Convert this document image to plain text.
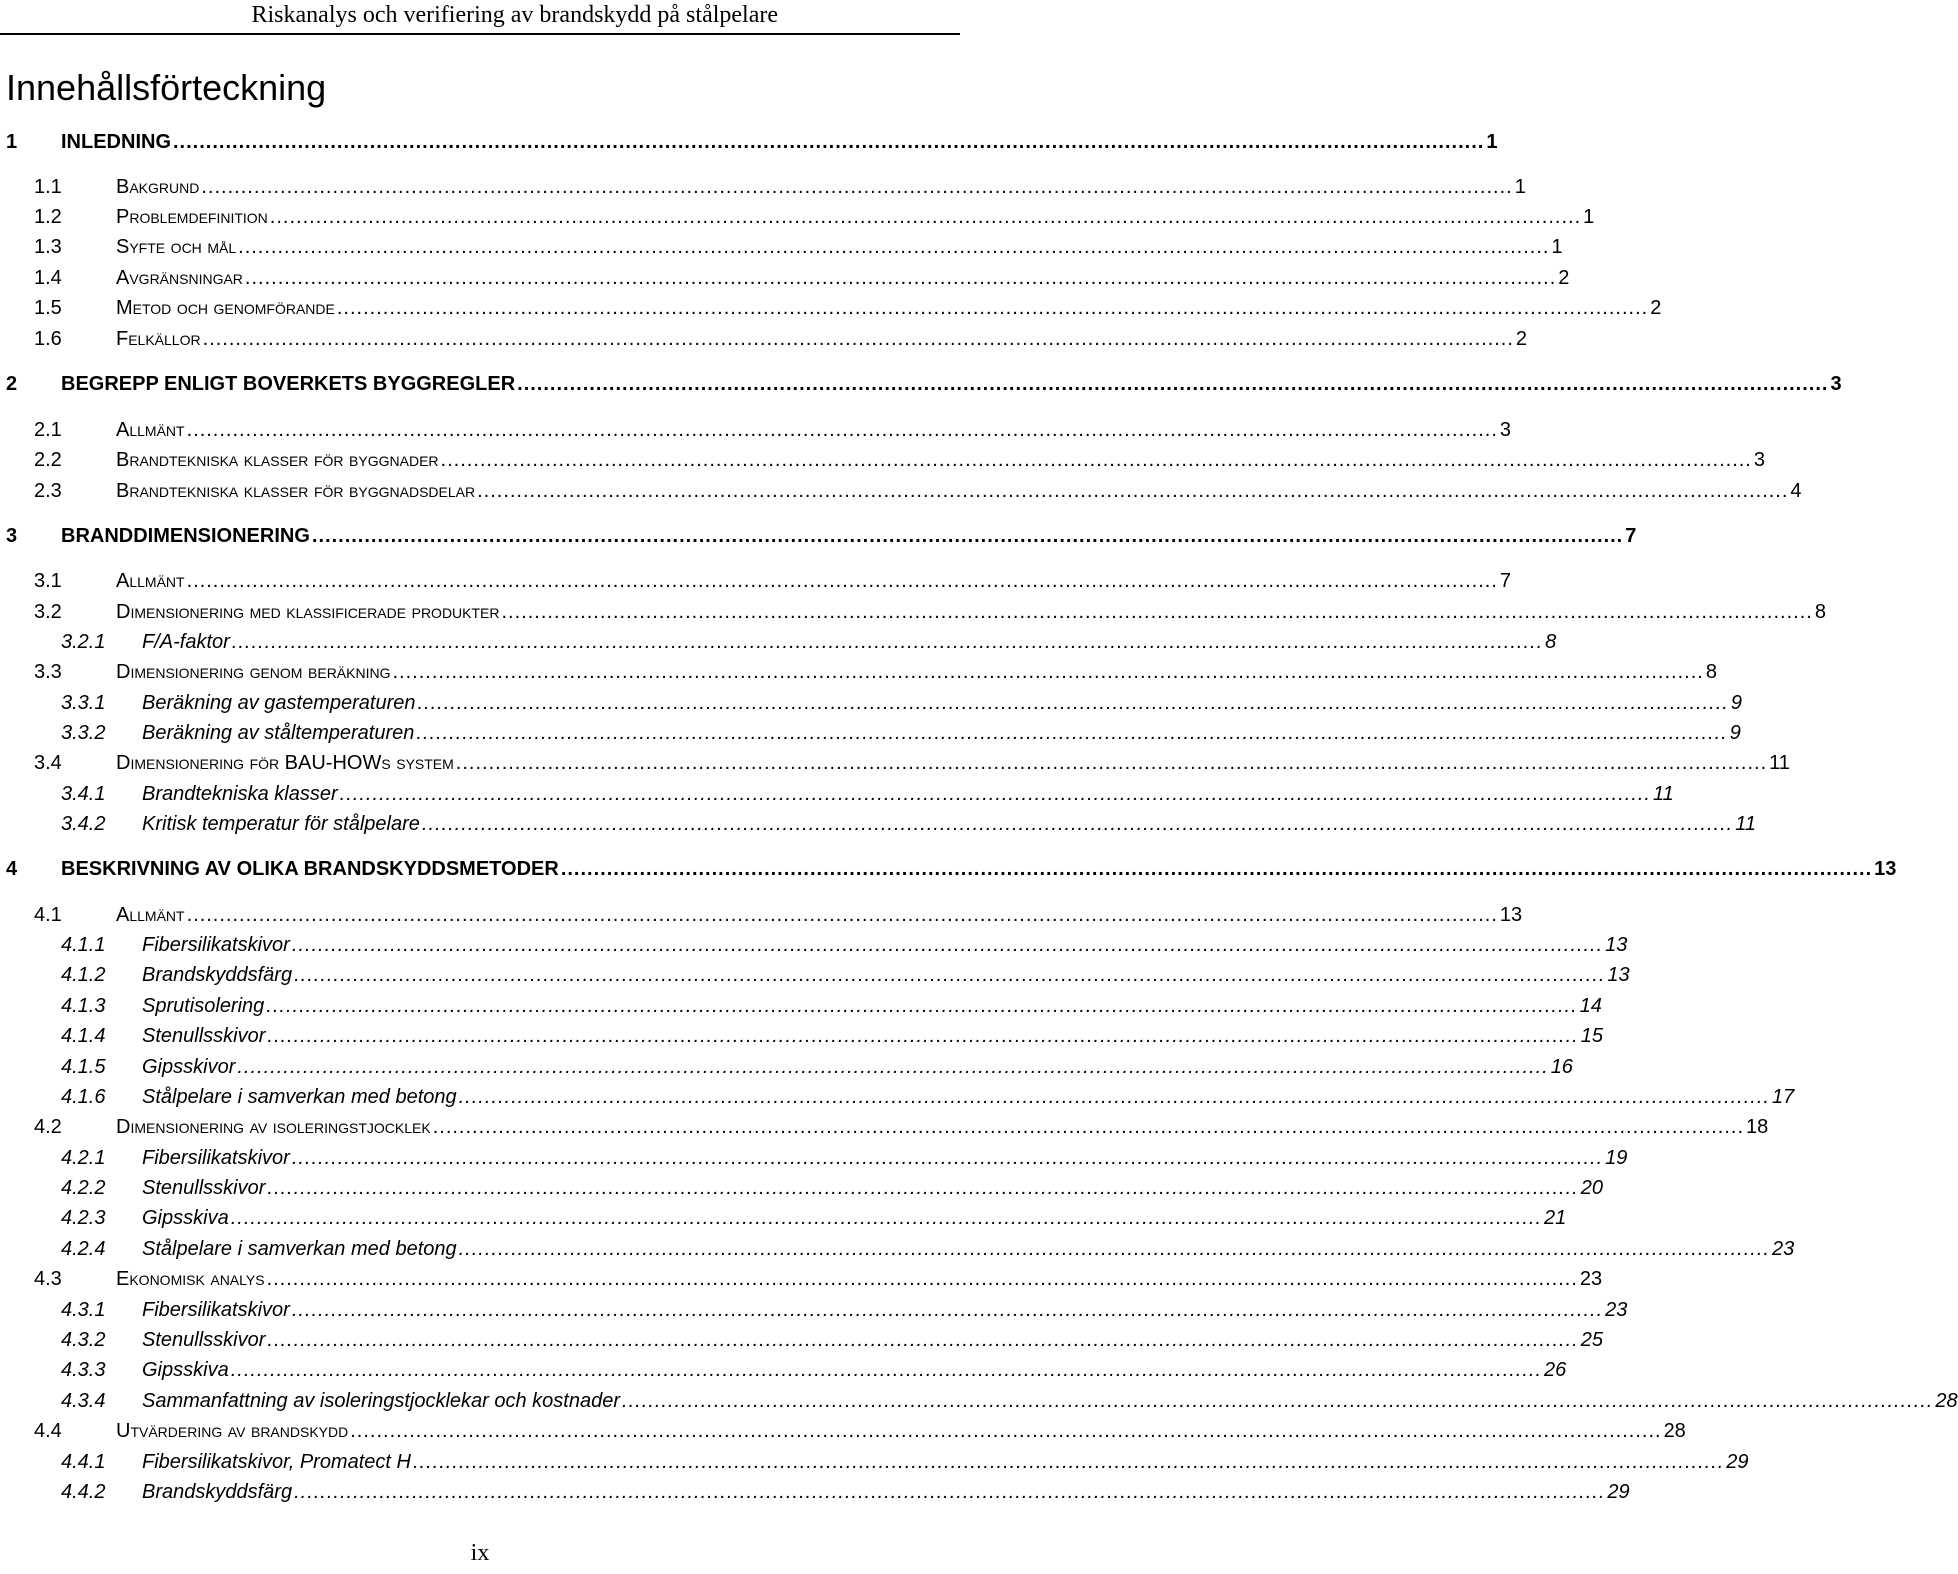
Riskanalys och verifiering av brandskydd på stålpelare
Innehållsförteckning
1 INLEDNING ........................................................................................................................................................................................................ 1
1.1	Bakgrund ........................................................................................................................................................................................................ 1
1.2	Problemdefinition ........................................................................................................................................................................................................ 1
1.3	Syfte och mål ........................................................................................................................................................................................................ 1
1.4	Avgränsningar ........................................................................................................................................................................................................ 2
1.5	Metod och genomförande ........................................................................................................................................................................................................ 2
1.6	Felkällor ........................................................................................................................................................................................................ 2
2 BEGREPP ENLIGT BOVERKETS BYGGREGLER ........................................................................................................................................................................................................ 3
2.1	Allmänt ........................................................................................................................................................................................................ 3
2.2	Brandtekniska klasser för byggnader ........................................................................................................................................................................................................ 3
2.3	Brandtekniska klasser för byggnadsdelar ........................................................................................................................................................................................................ 4
3 BRANDDIMENSIONERING ........................................................................................................................................................................................................ 7
3.1	Allmänt ........................................................................................................................................................................................................ 7
3.2	Dimensionering med klassificerade produkter ........................................................................................................................................................................................................ 8
3.2.1 F/A-faktor ........................................................................................................................................................................................................ 8
3.3	Dimensionering genom beräkning ........................................................................................................................................................................................................ 8
3.3.1 Beräkning av gastemperaturen ........................................................................................................................................................................................................ 9
3.3.2 Beräkning av ståltemperaturen ........................................................................................................................................................................................................ 9
3.4	Dimensionering för BAU-HOWs system ........................................................................................................................................................................................................ 11
3.4.1 Brandtekniska klasser ........................................................................................................................................................................................................ 11
3.4.2 Kritisk temperatur för stålpelare ........................................................................................................................................................................................................ 11
4 BESKRIVNING AV OLIKA BRANDSKYDDSMETODER ........................................................................................................................................................................................................ 13
4.1	Allmänt ........................................................................................................................................................................................................ 13
4.1.1 Fibersilikatskivor ........................................................................................................................................................................................................ 13
4.1.2 Brandskyddsfärg ........................................................................................................................................................................................................ 13
4.1.3 Sprutisolering ........................................................................................................................................................................................................ 14
4.1.4 Stenullsskivor ........................................................................................................................................................................................................ 15
4.1.5 Gipsskivor ........................................................................................................................................................................................................ 16
4.1.6 Stålpelare i samverkan med betong ........................................................................................................................................................................................................ 17
4.2	Dimensionering av isoleringstjocklek ........................................................................................................................................................................................................ 18
4.2.1 Fibersilikatskivor ........................................................................................................................................................................................................ 19
4.2.2 Stenullsskivor ........................................................................................................................................................................................................ 20
4.2.3 Gipsskiva ........................................................................................................................................................................................................ 21
4.2.4 Stålpelare i samverkan med betong ........................................................................................................................................................................................................ 23
4.3	Ekonomisk analys ........................................................................................................................................................................................................ 23
4.3.1 Fibersilikatskivor ........................................................................................................................................................................................................ 23
4.3.2 Stenullsskivor ........................................................................................................................................................................................................ 25
4.3.3 Gipsskiva ........................................................................................................................................................................................................ 26
4.3.4 Sammanfattning av isoleringstjocklekar och kostnader ........................................................................................................................................................................................................ 28
4.4	Utvärdering av brandskydd ........................................................................................................................................................................................................ 28
4.4.1 Fibersilikatskivor, Promatect H ........................................................................................................................................................................................................ 29
4.4.2 Brandskyddsfärg ........................................................................................................................................................................................................ 29
ix
